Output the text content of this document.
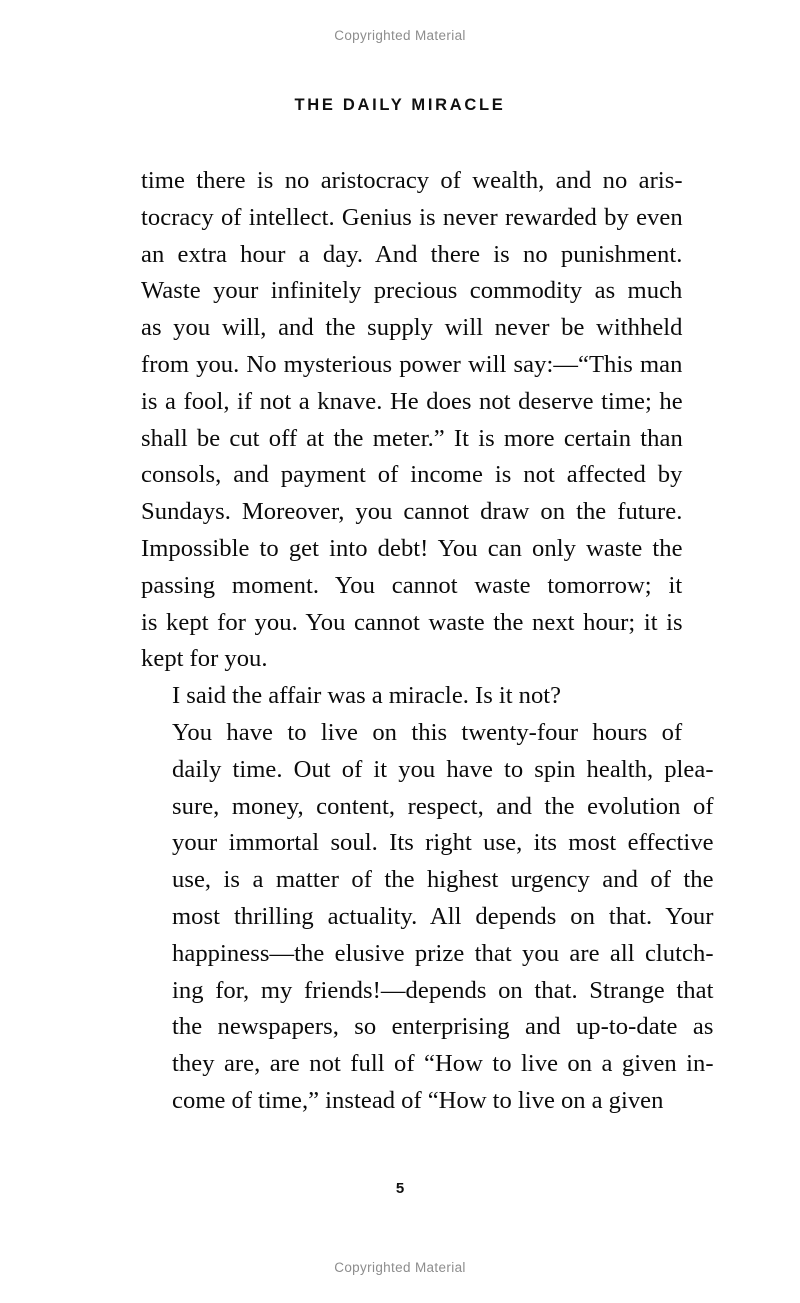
Copyrighted Material
THE DAILY MIRACLE

time there is no aristocracy of wealth, and no aris-
tocracy of intellect. Genius is never rewarded by even
an extra hour a day. And there is no punishment.
Waste your infinitely precious commodity as much
as you will, and the supply will never be withheld
from you. No mysterious power will say:—“This man
is a fool, if not a knave. He does not deserve time; he
shall be cut off at the meter.” It is more certain than
consols, and payment of income is not affected by
Sundays. Moreover, you cannot draw on the future.
Impossible to get into debt! You can only waste the
passing moment. You cannot waste tomorrow; it
is kept for you. You cannot waste the next hour; it is
kept for you.

I said the affair was a miracle. Is it not?

You have to live on this twenty-four hours of
daily time. Out of it you have to spin health, plea-
sure, money, content, respect, and the evolution of
your immortal soul. Its right use, its most effective
use, is a matter of the highest urgency and of the
most thrilling actuality. All depends on that. Your
happiness—the elusive prize that you are all clutch-
ing for, my friends!—depends on that. Strange that
the newspapers, so enterprising and up-to-date as
they are, are not full of “How to live on a given in-
come of time,” instead of “How to live on a given

5
Copyrighted Material
